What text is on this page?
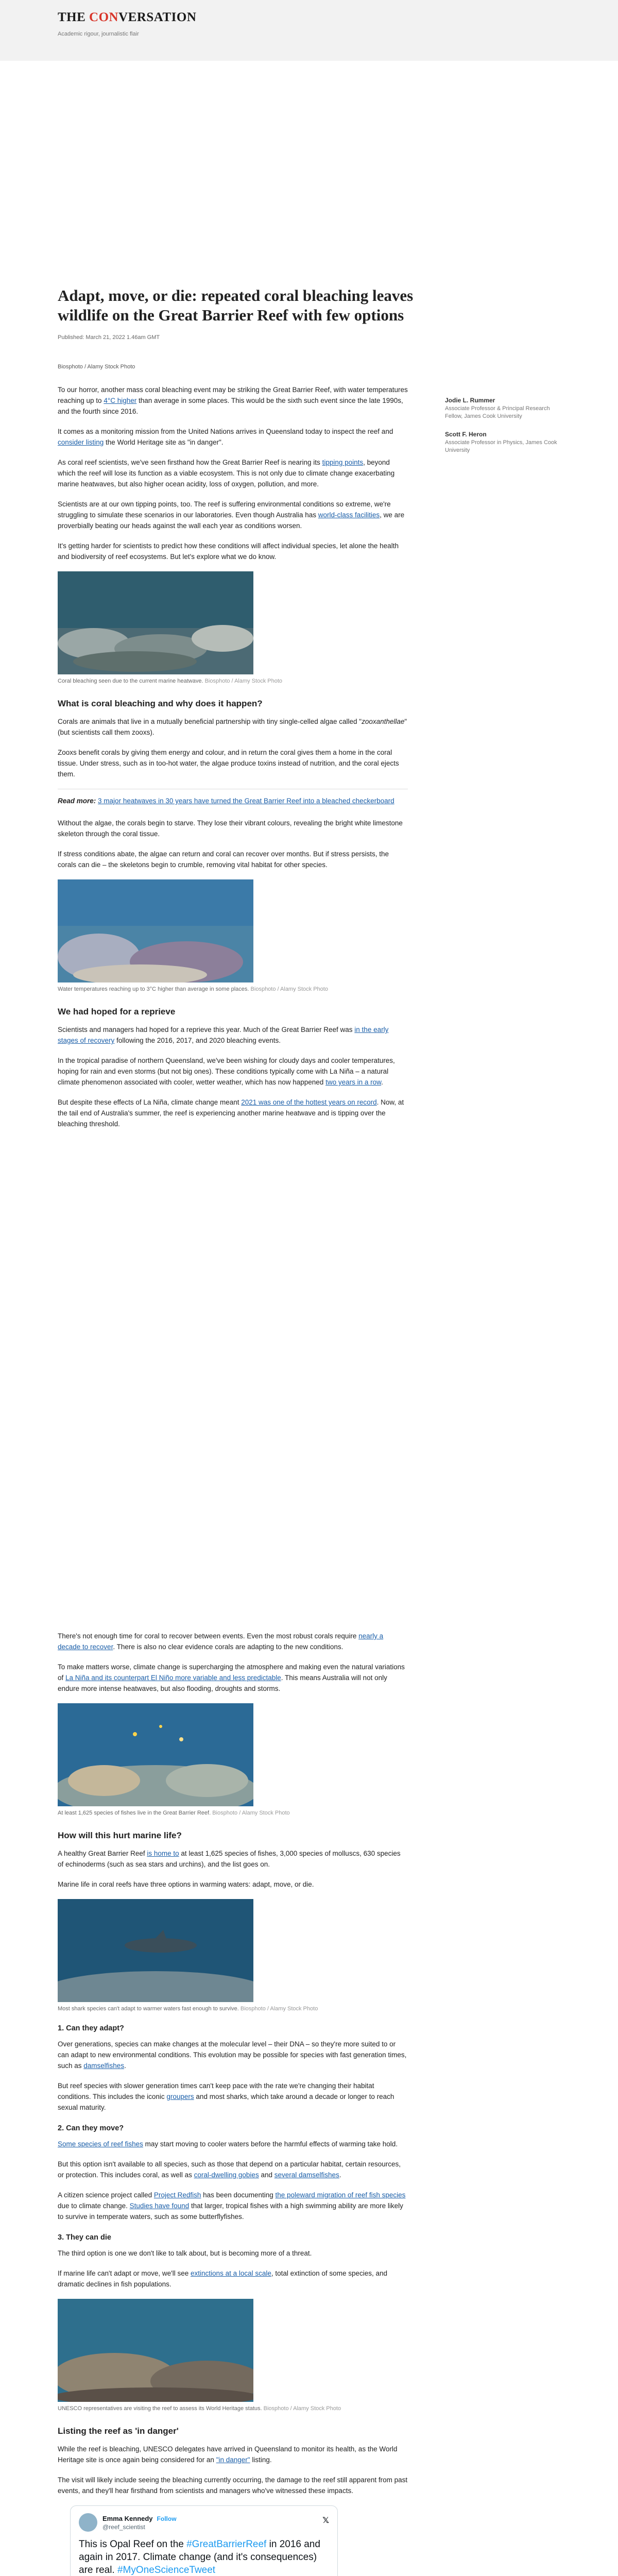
THE CONVERSATION
Academic rigour, journalistic flair
Adapt, move, or die: repeated coral bleaching leaves wildlife on the Great Barrier Reef with few options
Published: March 21, 2022 1.46am GMT
Jodie L. Rummer
Associate Professor & Principal Research Fellow, James Cook University
Scott F. Heron
Associate Professor in Physics, James Cook University

Biosphoto / Alamy Stock Photo

To our horror, another mass coral bleaching event may be striking the Great Barrier Reef, with water temperatures reaching up to 4°C higher than average in some places. This would be the sixth such event since the late 1990s, and the fourth since 2016.

It comes as a monitoring mission from the United Nations arrives in Queensland today to inspect the reef and consider listing the World Heritage site as "in danger".

As coral reef scientists, we've seen firsthand how the Great Barrier Reef is nearing its tipping points, beyond which the reef will lose its function as a viable ecosystem. This is not only due to climate change exacerbating marine heatwaves, but also higher ocean acidity, loss of oxygen, pollution, and more.

Scientists are at our own tipping points, too. The reef is suffering environmental conditions so extreme, we're struggling to simulate these scenarios in our laboratories. Even though Australia has world-class facilities, we are proverbially beating our heads against the wall each year as conditions worsen.

It's getting harder for scientists to predict how these conditions will affect individual species, let alone the health and biodiversity of reef ecosystems. But let's explore what we do know.

Coral bleaching seen due to the current marine heatwave. Biosphoto / Alamy Stock Photo
What is coral bleaching and why does it happen?

Corals are animals that live in a mutually beneficial partnership with tiny single-celled algae called "zooxanthellae" (but scientists call them zooxs).

Zooxs benefit corals by giving them energy and colour, and in return the coral gives them a home in the coral tissue. Under stress, such as in too-hot water, the algae produce toxins instead of nutrition, and the coral ejects them.

Read more: 3 major heatwaves in 30 years have turned the Great Barrier Reef into a bleached checkerboard

Without the algae, the corals begin to starve. They lose their vibrant colours, revealing the bright white limestone skeleton through the coral tissue.

If stress conditions abate, the algae can return and coral can recover over months. But if stress persists, the corals can die – the skeletons begin to crumble, removing vital habitat for other species.

Water temperatures reaching up to 3°C higher than average in some places. Biosphoto / Alamy Stock Photo
We had hoped for a reprieve

Scientists and managers had hoped for a reprieve this year. Much of the Great Barrier Reef was in the early stages of recovery following the 2016, 2017, and 2020 bleaching events.

In the tropical paradise of northern Queensland, we've been wishing for cloudy days and cooler temperatures, hoping for rain and even storms (but not big ones). These conditions typically come with La Niña – a natural climate phenomenon associated with cooler, wetter weather, which has now happened two years in a row.

But despite these effects of La Niña, climate change meant 2021 was one of the hottest years on record. Now, at the tail end of Australia's summer, the reef is experiencing another marine heatwave and is tipping over the bleaching threshold.

There's not enough time for coral to recover between events. Even the most robust corals require nearly a decade to recover. There is also no clear evidence corals are adapting to the new conditions.

To make matters worse, climate change is supercharging the atmosphere and making even the natural variations of La Niña and its counterpart El Niño more variable and less predictable. This means Australia will not only endure more intense heatwaves, but also flooding, droughts and storms.

At least 1,625 species of fishes live in the Great Barrier Reef. Biosphoto / Alamy Stock Photo
How will this hurt marine life?

A healthy Great Barrier Reef is home to at least 1,625 species of fishes, 3,000 species of molluscs, 630 species of echinoderms (such as sea stars and urchins), and the list goes on.

Marine life in coral reefs have three options in warming waters: adapt, move, or die.

Most shark species can't adapt to warmer waters fast enough to survive. Biosphoto / Alamy Stock Photo
1. Can they adapt?

Over generations, species can make changes at the molecular level – their DNA – so they're more suited to or can adapt to new environmental conditions. This evolution may be possible for species with fast generation times, such as damselfishes.

But reef species with slower generation times can't keep pace with the rate we're changing their habitat conditions. This includes the iconic groupers and most sharks, which take around a decade or longer to reach sexual maturity.

2. Can they move?

Some species of reef fishes may start moving to cooler waters before the harmful effects of warming take hold.

But this option isn't available to all species, such as those that depend on a particular habitat, certain resources, or protection. This includes coral, as well as coral-dwelling gobies and several damselfishes.

A citizen science project called Project Redfish has been documenting the poleward migration of reef fish species due to climate change. Studies have found that larger, tropical fishes with a high swimming ability are more likely to survive in temperate waters, such as some butterflyfishes.

3. They can die

The third option is one we don't like to talk about, but is becoming more of a threat.

If marine life can't adapt or move, we'll see extinctions at a local scale, total extinction of some species, and dramatic declines in fish populations.

UNESCO representatives are visiting the reef to assess its World Heritage status. Biosphoto / Alamy Stock Photo
Listing the reef as 'in danger'

While the reef is bleaching, UNESCO delegates have arrived in Queensland to monitor its health, as the World Heritage site is once again being considered for an "in danger" listing.

The visit will likely include seeing the bleaching currently occurring, the damage to the reef still apparent from past events, and they'll hear firsthand from scientists and managers who've witnessed these impacts.

Emma Kennedy Follow
@reef_scientist
𝕏
This is Opal Reef on the #GreatBarrierReef in 2016 and again in 2017. Climate change (and it's consequences) are real. #MyOneScienceTweet
